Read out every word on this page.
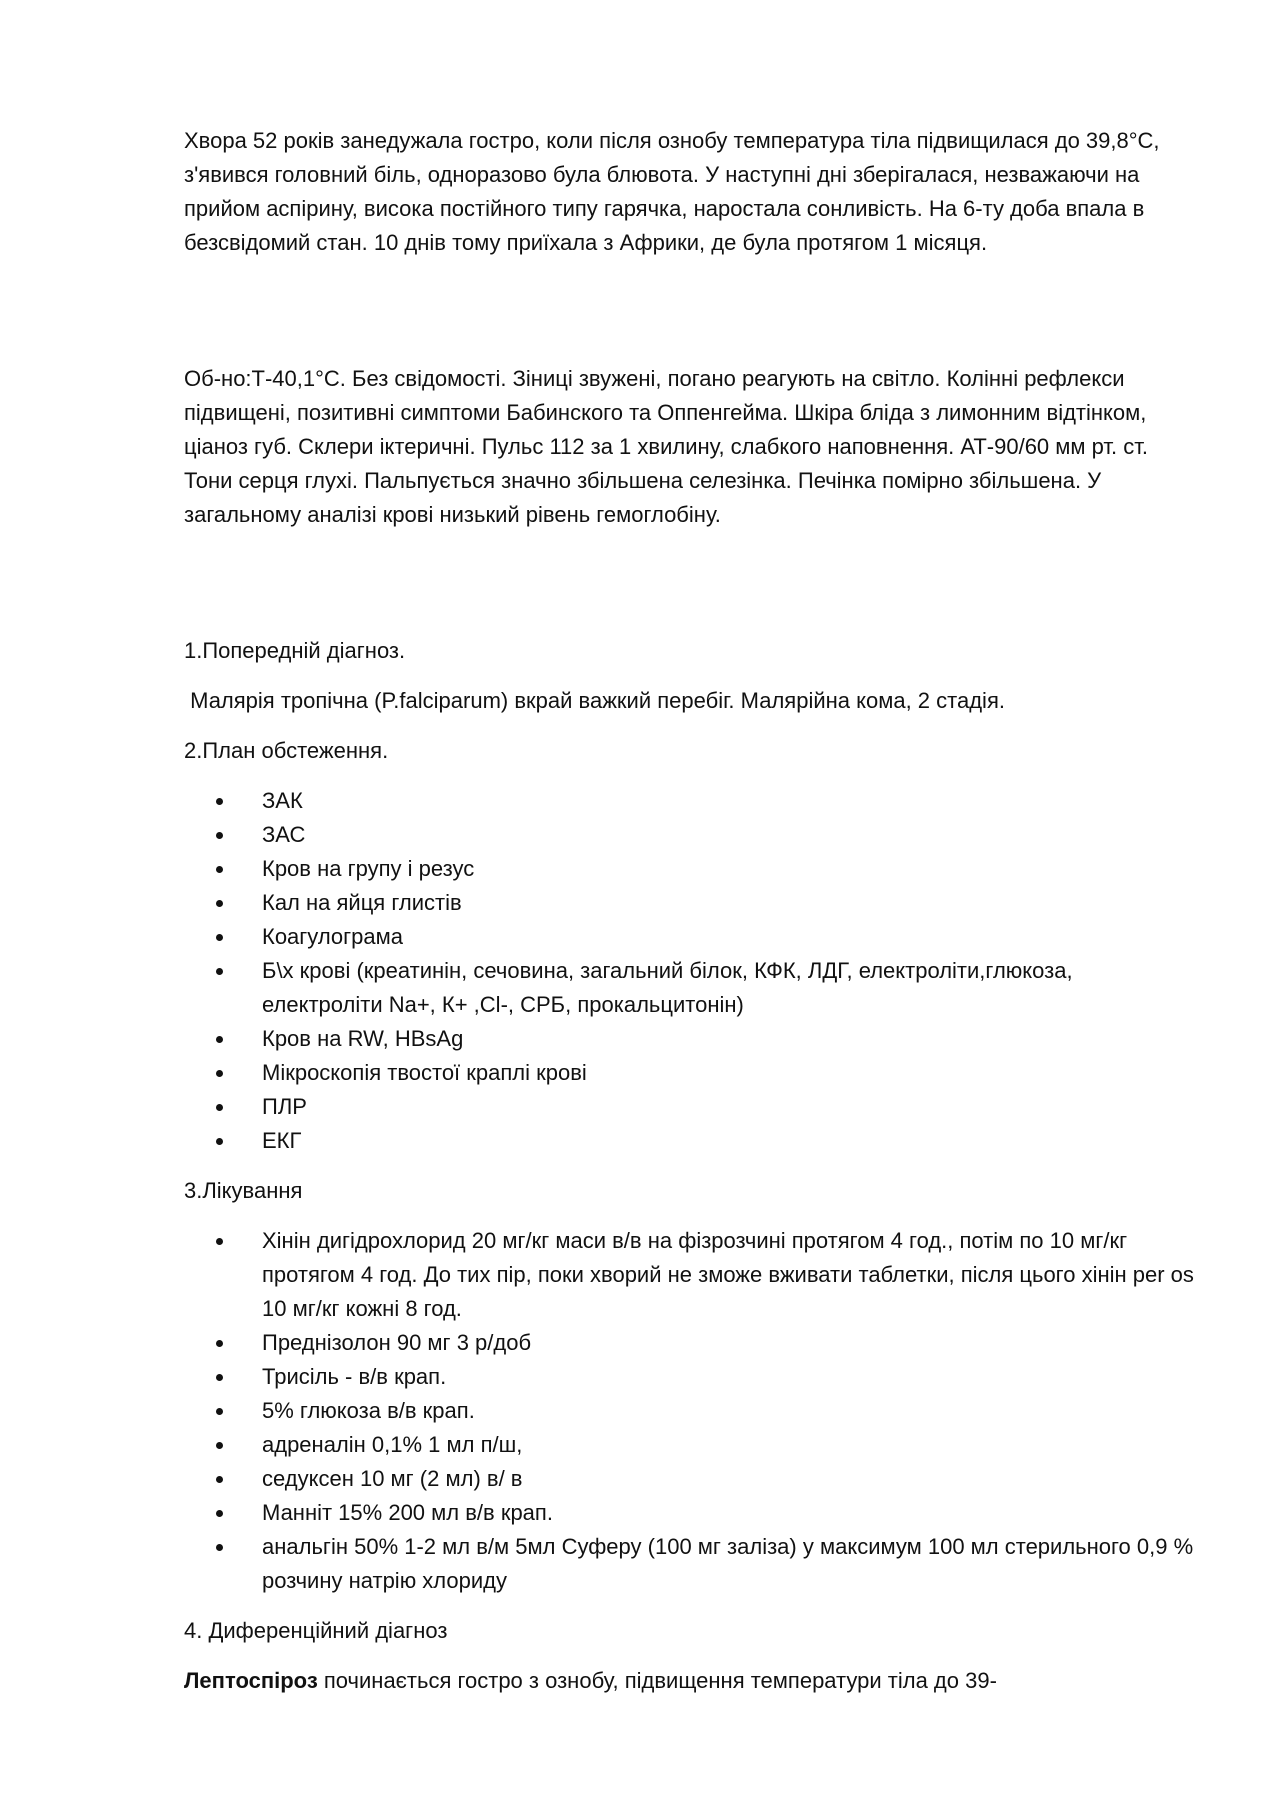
Хвора 52 років занедужала гостро, коли після ознобу температура тіла підвищилася до 39,8°С, з'явився головний біль, одноразово була блювота. У наступні дні зберігалася, незважаючи на прийом аспірину, висока постійного типу гарячка, наростала сонливість. На 6-ту доба впала в безсвідомий стан. 10 днів тому приїхала з Африки, де була протягом 1 місяця.

Об-но:Т-40,1°С. Без свідомості. Зіниці звужені, погано реагують на світло. Колінні рефлекси підвищені, позитивні симптоми Бабинского та Оппенгейма. Шкіра бліда з лимонним відтінком, ціаноз губ. Склери іктеричні. Пульс 112 за 1 хвилину, слабкого наповнення. АТ-90/60 мм рт. ст. Тони серця глухі. Пальпується значно збільшена селезінка. Печінка помірно збільшена. У загальному аналізі крові низький рівень гемоглобіну.

1.Попередній діагноз.

Малярія тропічна (P.falciparum) вкрай важкий перебіг. Малярійна кома, 2 стадія.

2.План обстеження.

ЗАК
ЗАС
Кров на групу і резус
Кал на яйця глистів
Коагулограма
Б\х крові (креатинін, сечовина, загальний білок, КФК, ЛДГ, електроліти,глюкоза, електроліти Na+, К+ ,Cl-, СРБ, прокальцитонін)
Кров на RW, HBsAg
Мікроскопія твостої краплі крові
ПЛР
ЕКГ

3.Лікування

Хінін дигідрохлорид 20 мг/кг маси в/в на фізрозчині протягом 4 год., потім по 10 мг/кг протягом 4 год. До тих пір, поки хворий не зможе вживати таблетки, після цього хінін per os 10 мг/кг кожні 8 год.
Преднізолон 90 мг 3 р/доб
Трисіль - в/в крап.
5% глюкоза в/в крап.
адреналін 0,1% 1 мл п/ш,
седуксен 10 мг (2 мл) в/ в
Манніт 15% 200 мл в/в крап.
анальгін 50% 1-2 мл в/м 5мл Суферу (100 мг заліза) у максимум 100 мл стерильного 0,9 % розчину натрію хлориду

4. Диференційний діагноз

Лептоспіроз починається гостро з ознобу, підвищення температури тіла до 39-
